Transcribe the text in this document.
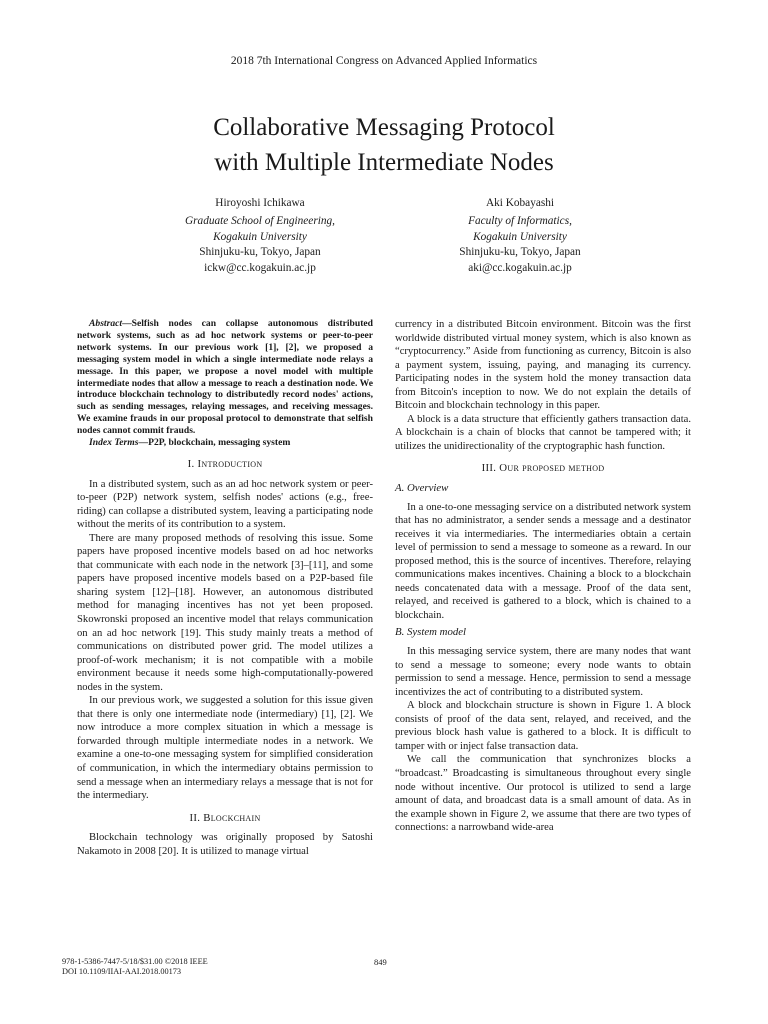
2018 7th International Congress on Advanced Applied Informatics
Collaborative Messaging Protocol
with Multiple Intermediate Nodes
Hiroyoshi Ichikawa
Graduate School of Engineering,
Kogakuin University
Shinjuku-ku, Tokyo, Japan
ickw@cc.kogakuin.ac.jp
Aki Kobayashi
Faculty of Informatics,
Kogakuin University
Shinjuku-ku, Tokyo, Japan
aki@cc.kogakuin.ac.jp

Abstract—Selfish nodes can collapse autonomous distributed network systems, such as ad hoc network systems or peer-to-peer network systems. In our previous work [1], [2], we proposed a messaging system model in which a single intermediate node relays a message. In this paper, we propose a novel model with multiple intermediate nodes that allow a message to reach a destination node. We introduce blockchain technology to distributedly record nodes' actions, such as sending messages, relaying messages, and receiving messages. We examine frauds in our proposal protocol to demonstrate that selfish nodes cannot commit frauds.

Index Terms—P2P, blockchain, messaging system

I. Introduction

In a distributed system, such as an ad hoc network system or peer-to-peer (P2P) network system, selfish nodes' actions (e.g., free-riding) can collapse a distributed system, leaving a participating node without the merits of its contribution to a system.

There are many proposed methods of resolving this issue. Some papers have proposed incentive models based on ad hoc networks that communicate with each node in the network [3]–[11], and some papers have proposed incentive models based on a P2P-based file sharing system [12]–[18]. However, an autonomous distributed method for managing incentives has not yet been proposed. Skowronski proposed an incentive model that relays communication on an ad hoc network [19]. This study mainly treats a method of communications on distributed power grid. The model utilizes a proof-of-work mechanism; it is not compatible with a mobile environment because it needs some high-computationally-powered nodes in the system.

In our previous work, we suggested a solution for this issue given that there is only one intermediate node (intermediary) [1], [2]. We now introduce a more complex situation in which a message is forwarded through multiple intermediate nodes in a network. We examine a one-to-one messaging system for simplified consideration of communication, in which the intermediary obtains permission to send a message when an intermediary relays a message that is not for the intermediary.

II. Blockchain

Blockchain technology was originally proposed by Satoshi Nakamoto in 2008 [20]. It is utilized to manage virtual

currency in a distributed Bitcoin environment. Bitcoin was the first worldwide distributed virtual money system, which is also known as “cryptocurrency.” Aside from functioning as currency, Bitcoin is also a payment system, issuing, paying, and managing its currency. Participating nodes in the system hold the money transaction data from Bitcoin's inception to now. We do not explain the details of Bitcoin and blockchain technology in this paper.

A block is a data structure that efficiently gathers transaction data. A blockchain is a chain of blocks that cannot be tampered with; it utilizes the unidirectionality of the cryptographic hash function.

III. Our proposed method
A. Overview

In a one-to-one messaging service on a distributed network system that has no administrator, a sender sends a message and a destinator receives it via intermediaries. The intermediaries obtain a certain level of permission to send a message to someone as a reward. In our proposed method, this is the source of incentives. Therefore, relaying communications makes incentives. Chaining a block to a blockchain needs concatenated data with a message. Proof of the data sent, relayed, and received is gathered to a block, which is chained to a blockchain.

B. System model

In this messaging service system, there are many nodes that want to send a message to someone; every node wants to obtain permission to send a message. Hence, permission to send a message incentivizes the act of contributing to a distributed system.

A block and blockchain structure is shown in Figure 1. A block consists of proof of the data sent, relayed, and received, and the previous block hash value is gathered to a block. It is difficult to tamper with or inject false transaction data.

We call the communication that synchronizes blocks a “broadcast.” Broadcasting is simultaneous throughout every single node without incentive. Our protocol is utilized to send a large amount of data, and broadcast data is a small amount of data. As in the example shown in Figure 2, we assume that there are two types of connections: a narrowband wide-area

978-1-5386-7447-5/18/$31.00 ©2018 IEEE
DOI 10.1109/IIAI-AAI.2018.00173
849
